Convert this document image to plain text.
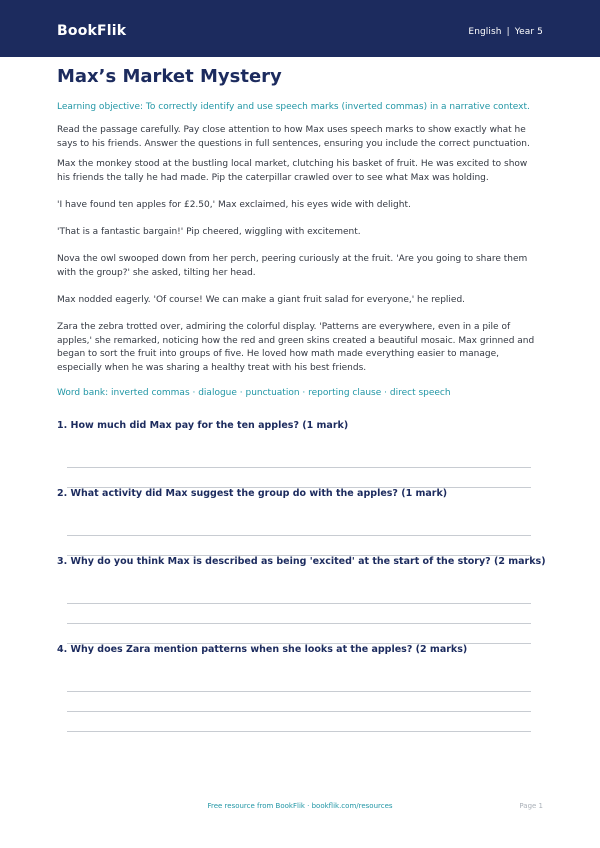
BookFlik	English | Year 5
Max’s Market Mystery
Learning objective: To correctly identify and use speech marks (inverted commas) in a narrative context.

Read the passage carefully. Pay close attention to how Max uses speech marks to show exactly what he says to his friends. Answer the questions in full sentences, ensuring you include the correct punctuation.

Max the monkey stood at the bustling local market, clutching his basket of fruit. He was excited to show his friends the tally he had made. Pip the caterpillar crawled over to see what Max was holding.

'I have found ten apples for £2.50,' Max exclaimed, his eyes wide with delight.

'That is a fantastic bargain!' Pip cheered, wiggling with excitement.

Nova the owl swooped down from her perch, peering curiously at the fruit. 'Are you going to share them with the group?' she asked, tilting her head.

Max nodded eagerly. 'Of course! We can make a giant fruit salad for everyone,' he replied.

Zara the zebra trotted over, admiring the colorful display. 'Patterns are everywhere, even in a pile of apples,' she remarked, noticing how the red and green skins created a beautiful mosaic. Max grinned and began to sort the fruit into groups of five. He loved how math made everything easier to manage, especially when he was sharing a healthy treat with his best friends.

Word bank: inverted commas · dialogue · punctuation · reporting clause · direct speech

1. How much did Max pay for the ten apples? (1 mark)

2. What activity did Max suggest the group do with the apples? (1 mark)

3. Why do you think Max is described as being 'excited' at the start of the story? (2 marks)

4. Why does Zara mention patterns when she looks at the apples? (2 marks)

Free resource from BookFlik · bookflik.com/resources	Page 1
